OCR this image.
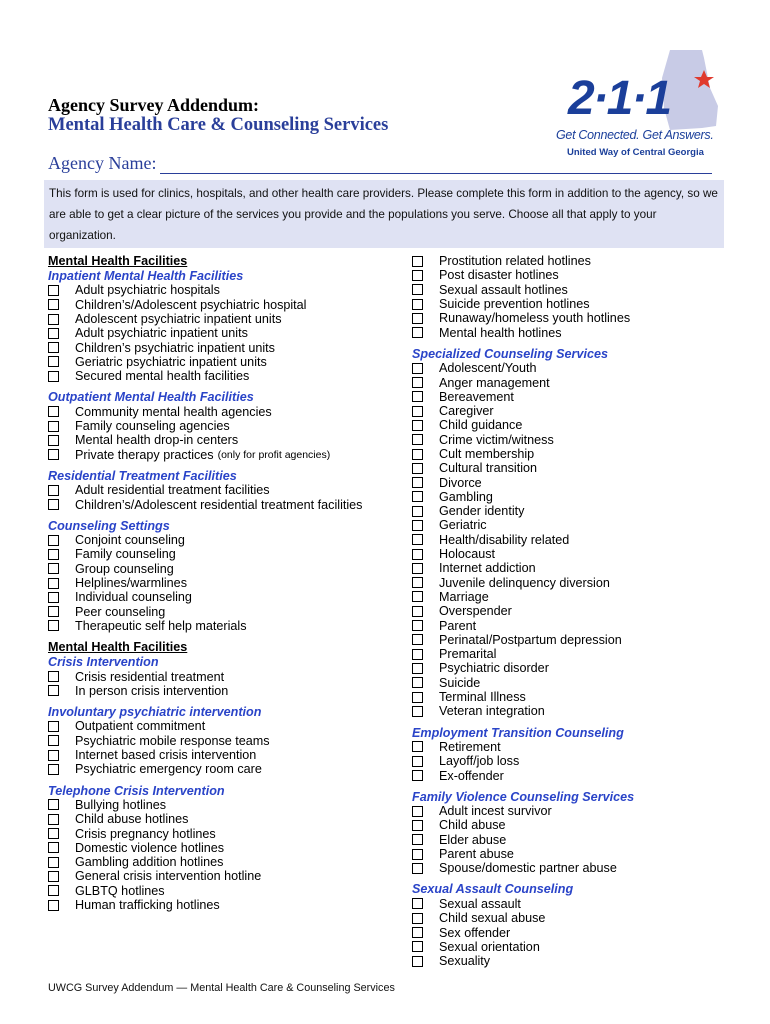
Agency Survey Addendum:
Mental Health Care & Counseling Services
Agency Name:
2·1·1
Get Connected. Get Answers.
United Way of Central Georgia
This form is used for clinics, hospitals, and other health care providers. Please complete this form in addition to the agency, so we are able to get a clear picture of the services you provide and the populations you serve. Choose all that apply to your organization.
Mental Health Facilities
Inpatient Mental Health Facilities
Adult psychiatric hospitals
Children’s/Adolescent psychiatric hospital
Adolescent psychiatric inpatient units
Adult psychiatric inpatient units
Children’s psychiatric inpatient units
Geriatric psychiatric inpatient units
Secured mental health facilities
Outpatient Mental Health Facilities
Community mental health agencies
Family counseling agencies
Mental health drop-in centers
Private therapy practices (only for profit agencies)
Residential Treatment Facilities
Adult residential treatment facilities
Children’s/Adolescent residential treatment facilities
Counseling Settings
Conjoint counseling
Family counseling
Group counseling
Helplines/warmlines
Individual counseling
Peer counseling
Therapeutic self help materials
Mental Health Facilities
Crisis Intervention
Crisis residential treatment
In person crisis intervention
Involuntary psychiatric intervention
Outpatient commitment
Psychiatric mobile response teams
Internet based crisis intervention
Psychiatric emergency room care
Telephone Crisis Intervention
Bullying hotlines
Child abuse hotlines
Crisis pregnancy hotlines
Domestic violence hotlines
Gambling addition hotlines
General crisis intervention hotline
GLBTQ hotlines
Human trafficking hotlines
Prostitution related hotlines
Post disaster hotlines
Sexual assault hotlines
Suicide prevention hotlines
Runaway/homeless youth hotlines
Mental health hotlines
Specialized Counseling Services
Adolescent/Youth
Anger management
Bereavement
Caregiver
Child guidance
Crime victim/witness
Cult membership
Cultural transition
Divorce
Gambling
Gender identity
Geriatric
Health/disability related
Holocaust
Internet addiction
Juvenile delinquency diversion
Marriage
Overspender
Parent
Perinatal/Postpartum depression
Premarital
Psychiatric disorder
Suicide
Terminal Illness
Veteran integration
Employment Transition Counseling
Retirement
Layoff/job loss
Ex-offender
Family Violence Counseling Services
Adult incest survivor
Child abuse
Elder abuse
Parent abuse
Spouse/domestic partner abuse
Sexual Assault Counseling
Sexual assault
Child sexual abuse
Sex offender
Sexual orientation
Sexuality
UWCG Survey Addendum — Mental Health Care & Counseling Services
